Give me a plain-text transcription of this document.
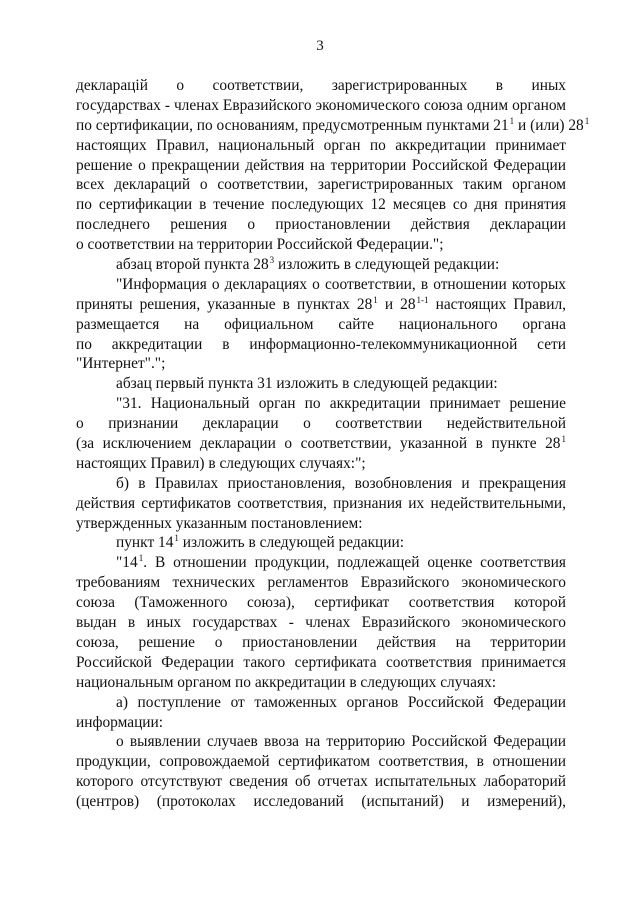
3
декларацій о соответствии, зарегистрированных в иных
государствах - членах Евразийского экономического союза одним органом
по сертификации, по основаниям, предусмотренным пунктами $21^1$ и (или) $28^1$
настоящих Правил, национальный орган по аккредитации принимает
решение о прекращении действия на территории Российской Федерации
всех деклараций о соответствии, зарегистрированных таким органом
по сертификации в течение последующих 12 месяцев со дня принятия
последнего решения о приостановлении действия декларации
о соответствии на территории Российской Федерации.";
абзац второй пункта $28^3$ изложить в следующей редакции:
"Информация о декларациях о соответствии, в отношении которых
приняты решения, указанные в пунктах $28^1$ и 28$^{1-1}$ настоящих Правил,
размещается на официальном сайте национального органа
по аккредитации в информационно-телекоммуникационной сети
"Интернет".";
абзац первый пункта 31 изложить в следующей редакции:
"31. Национальный орган по аккредитации принимает решение
о признании декларации о соответствии недействительной
(за исключением декларации о соответствии, указанной в пункте $28^1$
настоящих Правил) в следующих случаях:";
б) в Правилах приостановления, возобновления и прекращения
действия сертификатов соответствия, признания их недействительными,
утвержденных указанным постановлением:
пункт $14^1$ изложить в следующей редакции:
"$14^1$. В отношении продукции, подлежащей оценке соответствия
требованиям технических регламентов Евразийского экономического
союза (Таможенного союза), сертификат соответствия которой
выдан в иных государствах - членах Евразийского экономического
союза, решение о приостановлении действия на территории
Российской Федерации такого сертификата соответствия принимается
национальным органом по аккредитации в следующих случаях:
а) поступление от таможенных органов Российской Федерации
информации:
о выявлении случаев ввоза на территорию Российской Федерации
продукции, сопровождаемой сертификатом соответствия, в отношении
которого отсутствуют сведения об отчетах испытательных лабораторий
(центров) (протоколах исследований (испытаний) и измерений),
